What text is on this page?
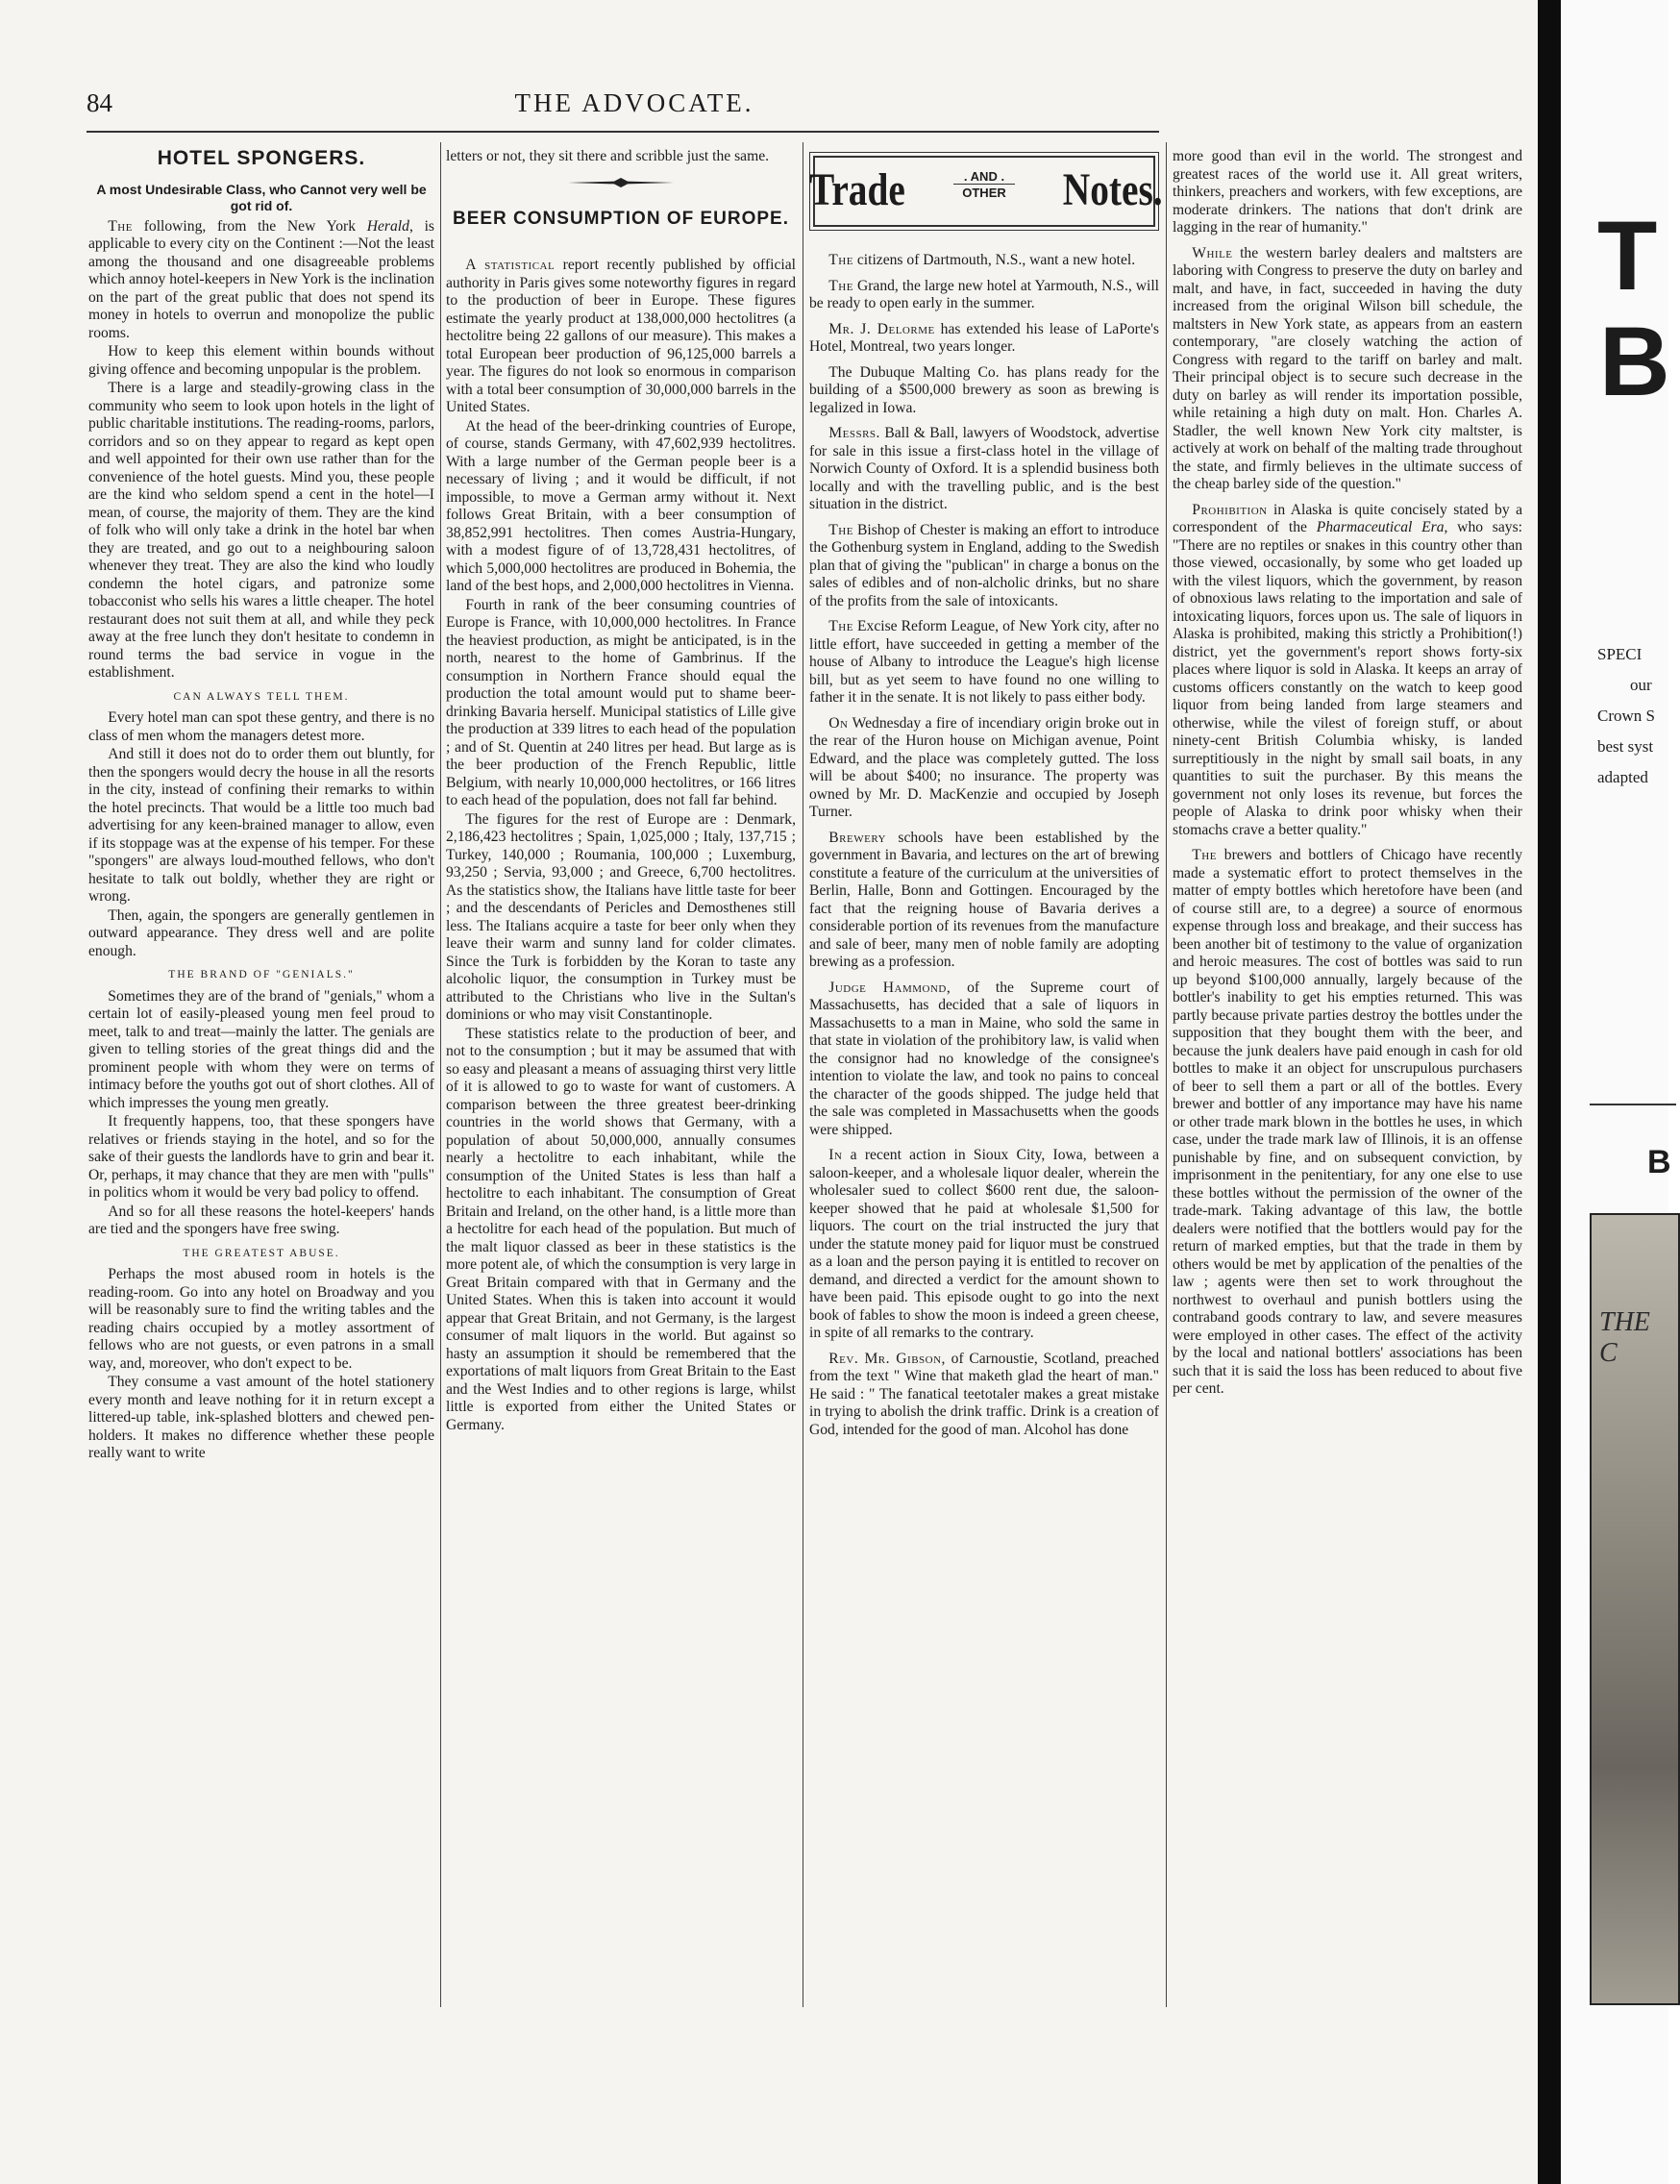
84	THE ADVOCATE.
HOTEL SPONGERS.
A most Undesirable Class, who Cannot very well be got rid of.

The following, from the New York Herald, is applicable to every city on the Continent :—Not the least among the thousand and one disagreeable problems which annoy hotel-keepers in New York is the inclination on the part of the great public that does not spend its money in hotels to overrun and monopolize the public rooms.

How to keep this element within bounds without giving offence and becoming unpopular is the problem.

There is a large and steadily-growing class in the community who seem to look upon hotels in the light of public charitable institutions. The reading-rooms, parlors, corridors and so on they appear to regard as kept open and well appointed for their own use rather than for the convenience of the hotel guests. Mind you, these people are the kind who seldom spend a cent in the hotel—I mean, of course, the majority of them. They are the kind of folk who will only take a drink in the hotel bar when they are treated, and go out to a neighbouring saloon whenever they treat. They are also the kind who loudly condemn the hotel cigars, and patronize some tobacconist who sells his wares a little cheaper. The hotel restaurant does not suit them at all, and while they peck away at the free lunch they don't hesitate to condemn in round terms the bad service in vogue in the establishment.

CAN ALWAYS TELL THEM.

Every hotel man can spot these gentry, and there is no class of men whom the managers detest more.

And still it does not do to order them out bluntly, for then the spongers would decry the house in all the resorts in the city, instead of confining their remarks to within the hotel precincts. That would be a little too much bad advertising for any keen-brained manager to allow, even if its stoppage was at the expense of his temper. For these "spongers" are always loud-mouthed fellows, who don't hesitate to talk out boldly, whether they are right or wrong.

Then, again, the spongers are generally gentlemen in outward appearance. They dress well and are polite enough.

THE BRAND OF "GENIALS."

Sometimes they are of the brand of "genials," whom a certain lot of easily-pleased young men feel proud to meet, talk to and treat—mainly the latter. The genials are given to telling stories of the great things did and the prominent people with whom they were on terms of intimacy before the youths got out of short clothes. All of which impresses the young men greatly.

It frequently happens, too, that these spongers have relatives or friends staying in the hotel, and so for the sake of their guests the landlords have to grin and bear it. Or, perhaps, it may chance that they are men with "pulls" in politics whom it would be very bad policy to offend.

And so for all these reasons the hotel-keepers' hands are tied and the spongers have free swing.

THE GREATEST ABUSE.

Perhaps the most abused room in hotels is the reading-room. Go into any hotel on Broadway and you will be reasonably sure to find the writing tables and the reading chairs occupied by a motley assortment of fellows who are not guests, or even patrons in a small way, and, moreover, who don't expect to be.

They consume a vast amount of the hotel stationery every month and leave nothing for it in return except a littered-up table, ink-splashed blotters and chewed pen-holders. It makes no difference whether these people really want to write

letters or not, they sit there and scribble just the same.

BEER CONSUMPTION OF EUROPE.

A statistical report recently published by official authority in Paris gives some noteworthy figures in regard to the production of beer in Europe. These figures estimate the yearly product at 138,000,000 hectolitres (a hectolitre being 22 gallons of our measure). This makes a total European beer production of 96,125,000 barrels a year. The figures do not look so enormous in comparison with a total beer consumption of 30,000,000 barrels in the United States.

At the head of the beer-drinking countries of Europe, of course, stands Germany, with 47,602,939 hectolitres. With a large number of the German people beer is a necessary of living ; and it would be difficult, if not impossible, to move a German army without it. Next follows Great Britain, with a beer consumption of 38,852,991 hectolitres. Then comes Austria-Hungary, with a modest figure of of 13,728,431 hectolitres, of which 5,000,000 hectolitres are produced in Bohemia, the land of the best hops, and 2,000,000 hectolitres in Vienna.

Fourth in rank of the beer consuming countries of Europe is France, with 10,000,000 hectolitres. In France the heaviest production, as might be anticipated, is in the north, nearest to the home of Gambrinus. If the consumption in Northern France should equal the production the total amount would put to shame beer-drinking Bavaria herself. Municipal statistics of Lille give the production at 339 litres to each head of the population ; and of St. Quentin at 240 litres per head. But large as is the beer production of the French Republic, little Belgium, with nearly 10,000,000 hectolitres, or 166 litres to each head of the population, does not fall far behind.

The figures for the rest of Europe are : Denmark, 2,186,423 hectolitres ; Spain, 1,025,000 ; Italy, 137,715 ; Turkey, 140,000 ; Roumania, 100,000 ; Luxemburg, 93,250 ; Servia, 93,000 ; and Greece, 6,700 hectolitres. As the statistics show, the Italians have little taste for beer ; and the descendants of Pericles and Demosthenes still less. The Italians acquire a taste for beer only when they leave their warm and sunny land for colder climates. Since the Turk is forbidden by the Koran to taste any alcoholic liquor, the consumption in Turkey must be attributed to the Christians who live in the Sultan's dominions or who may visit Constantinople.

These statistics relate to the production of beer, and not to the consumption ; but it may be assumed that with so easy and pleasant a means of assuaging thirst very little of it is allowed to go to waste for want of customers. A comparison between the three greatest beer-drinking countries in the world shows that Germany, with a population of about 50,000,000, annually consumes nearly a hectolitre to each inhabitant, while the consumption of the United States is less than half a hectolitre to each inhabitant. The consumption of Great Britain and Ireland, on the other hand, is a little more than a hectolitre for each head of the population. But much of the malt liquor classed as beer in these statistics is the more potent ale, of which the consumption is very large in Great Britain compared with that in Germany and the United States. When this is taken into account it would appear that Great Britain, and not Germany, is the largest consumer of malt liquors in the world. But against so hasty an assumption it should be remembered that the exportations of malt liquors from Great Britain to the East and the West Indies and to other regions is large, whilst little is exported from either the United States or Germany.

Trade	. AND .
OTHER Notes.

The citizens of Dartmouth, N.S., want a new hotel.

The Grand, the large new hotel at Yarmouth, N.S., will be ready to open early in the summer.

Mr. J. Delorme has extended his lease of LaPorte's Hotel, Montreal, two years longer.

The Dubuque Malting Co. has plans ready for the building of a $500,000 brewery as soon as brewing is legalized in Iowa.

Messrs. Ball & Ball, lawyers of Woodstock, advertise for sale in this issue a first-class hotel in the village of Norwich County of Oxford. It is a splendid business both locally and with the travelling public, and is the best situation in the district.

The Bishop of Chester is making an effort to introduce the Gothenburg system in England, adding to the Swedish plan that of giving the "publican" in charge a bonus on the sales of edibles and of non-alcholic drinks, but no share of the profits from the sale of intoxicants.

The Excise Reform League, of New York city, after no little effort, have succeeded in getting a member of the house of Albany to introduce the League's high license bill, but as yet seem to have found no one willing to father it in the senate. It is not likely to pass either body.

On Wednesday a fire of incendiary origin broke out in the rear of the Huron house on Michigan avenue, Point Edward, and the place was completely gutted. The loss will be about $400; no insurance. The property was owned by Mr. D. MacKenzie and occupied by Joseph Turner.

Brewery schools have been established by the government in Bavaria, and lectures on the art of brewing constitute a feature of the curriculum at the universities of Berlin, Halle, Bonn and Gottingen. Encouraged by the fact that the reigning house of Bavaria derives a considerable portion of its revenues from the manufacture and sale of beer, many men of noble family are adopting brewing as a profession.

Judge Hammond, of the Supreme court of Massachusetts, has decided that a sale of liquors in Massachusetts to a man in Maine, who sold the same in that state in violation of the prohibitory law, is valid when the consignor had no knowledge of the consignee's intention to violate the law, and took no pains to conceal the character of the goods shipped. The judge held that the sale was completed in Massachusetts when the goods were shipped.

In a recent action in Sioux City, Iowa, between a saloon-keeper, and a wholesale liquor dealer, wherein the wholesaler sued to collect $600 rent due, the saloon-keeper showed that he paid at wholesale $1,500 for liquors. The court on the trial instructed the jury that under the statute money paid for liquor must be construed as a loan and the person paying it is entitled to recover on demand, and directed a verdict for the amount shown to have been paid. This episode ought to go into the next book of fables to show the moon is indeed a green cheese, in spite of all remarks to the contrary.

Rev. Mr. Gibson, of Carnoustie, Scotland, preached from the text " Wine that maketh glad the heart of man." He said : " The fanatical teetotaler makes a great mistake in trying to abolish the drink traffic. Drink is a creation of God, intended for the good of man. Alcohol has done

more good than evil in the world. The strongest and greatest races of the world use it. All great writers, thinkers, preachers and workers, with few exceptions, are moderate drinkers. The nations that don't drink are lagging in the rear of humanity."

While the western barley dealers and maltsters are laboring with Congress to preserve the duty on barley and malt, and have, in fact, succeeded in having the duty increased from the original Wilson bill schedule, the maltsters in New York state, as appears from an eastern contemporary, "are closely watching the action of Congress with regard to the tariff on barley and malt. Their principal object is to secure such decrease in the duty on barley as will render its importation possible, while retaining a high duty on malt. Hon. Charles A. Stadler, the well known New York city maltster, is actively at work on behalf of the malting trade throughout the state, and firmly believes in the ultimate success of the cheap barley side of the question."

Prohibition in Alaska is quite concisely stated by a correspondent of the Pharmaceutical Era, who says: "There are no reptiles or snakes in this country other than those viewed, occasionally, by some who get loaded up with the vilest liquors, which the government, by reason of obnoxious laws relating to the importation and sale of intoxicating liquors, forces upon us. The sale of liquors in Alaska is prohibited, making this strictly a Prohibition(!) district, yet the government's report shows forty-six places where liquor is sold in Alaska. It keeps an array of customs officers constantly on the watch to keep good liquor from being landed from large steamers and otherwise, while the vilest of foreign stuff, or about ninety-cent British Columbia whisky, is landed surreptitiously in the night by small sail boats, in any quantities to suit the purchaser. By this means the government not only loses its revenue, but forces the people of Alaska to drink poor whisky when their stomachs crave a better quality."

The brewers and bottlers of Chicago have recently made a systematic effort to protect themselves in the matter of empty bottles which heretofore have been (and of course still are, to a degree) a source of enormous expense through loss and breakage, and their success has been another bit of testimony to the value of organization and heroic measures. The cost of bottles was said to run up beyond $100,000 annually, largely because of the bottler's inability to get his empties returned. This was partly because private parties destroy the bottles under the supposition that they bought them with the beer, and because the junk dealers have paid enough in cash for old bottles to make it an object for unscrupulous purchasers of beer to sell them a part or all of the bottles. Every brewer and bottler of any importance may have his name or other trade mark blown in the bottles he uses, in which case, under the trade mark law of Illinois, it is an offense punishable by fine, and on subsequent conviction, by imprisonment in the penitentiary, for any one else to use these bottles without the permission of the owner of the trade-mark. Taking advantage of this law, the bottle dealers were notified that the bottlers would pay for the return of marked empties, but that the trade in them by others would be met by application of the penalties of the law ; agents were then set to work throughout the northwest to overhaul and punish bottlers using the contraband goods contrary to law, and severe measures were employed in other cases. The effect of the activity by the local and national bottlers' associations has been such that it is said the loss has been reduced to about five per cent.

T
B
SPECI
our
Crown S
best syst
adapted
B
THE C
